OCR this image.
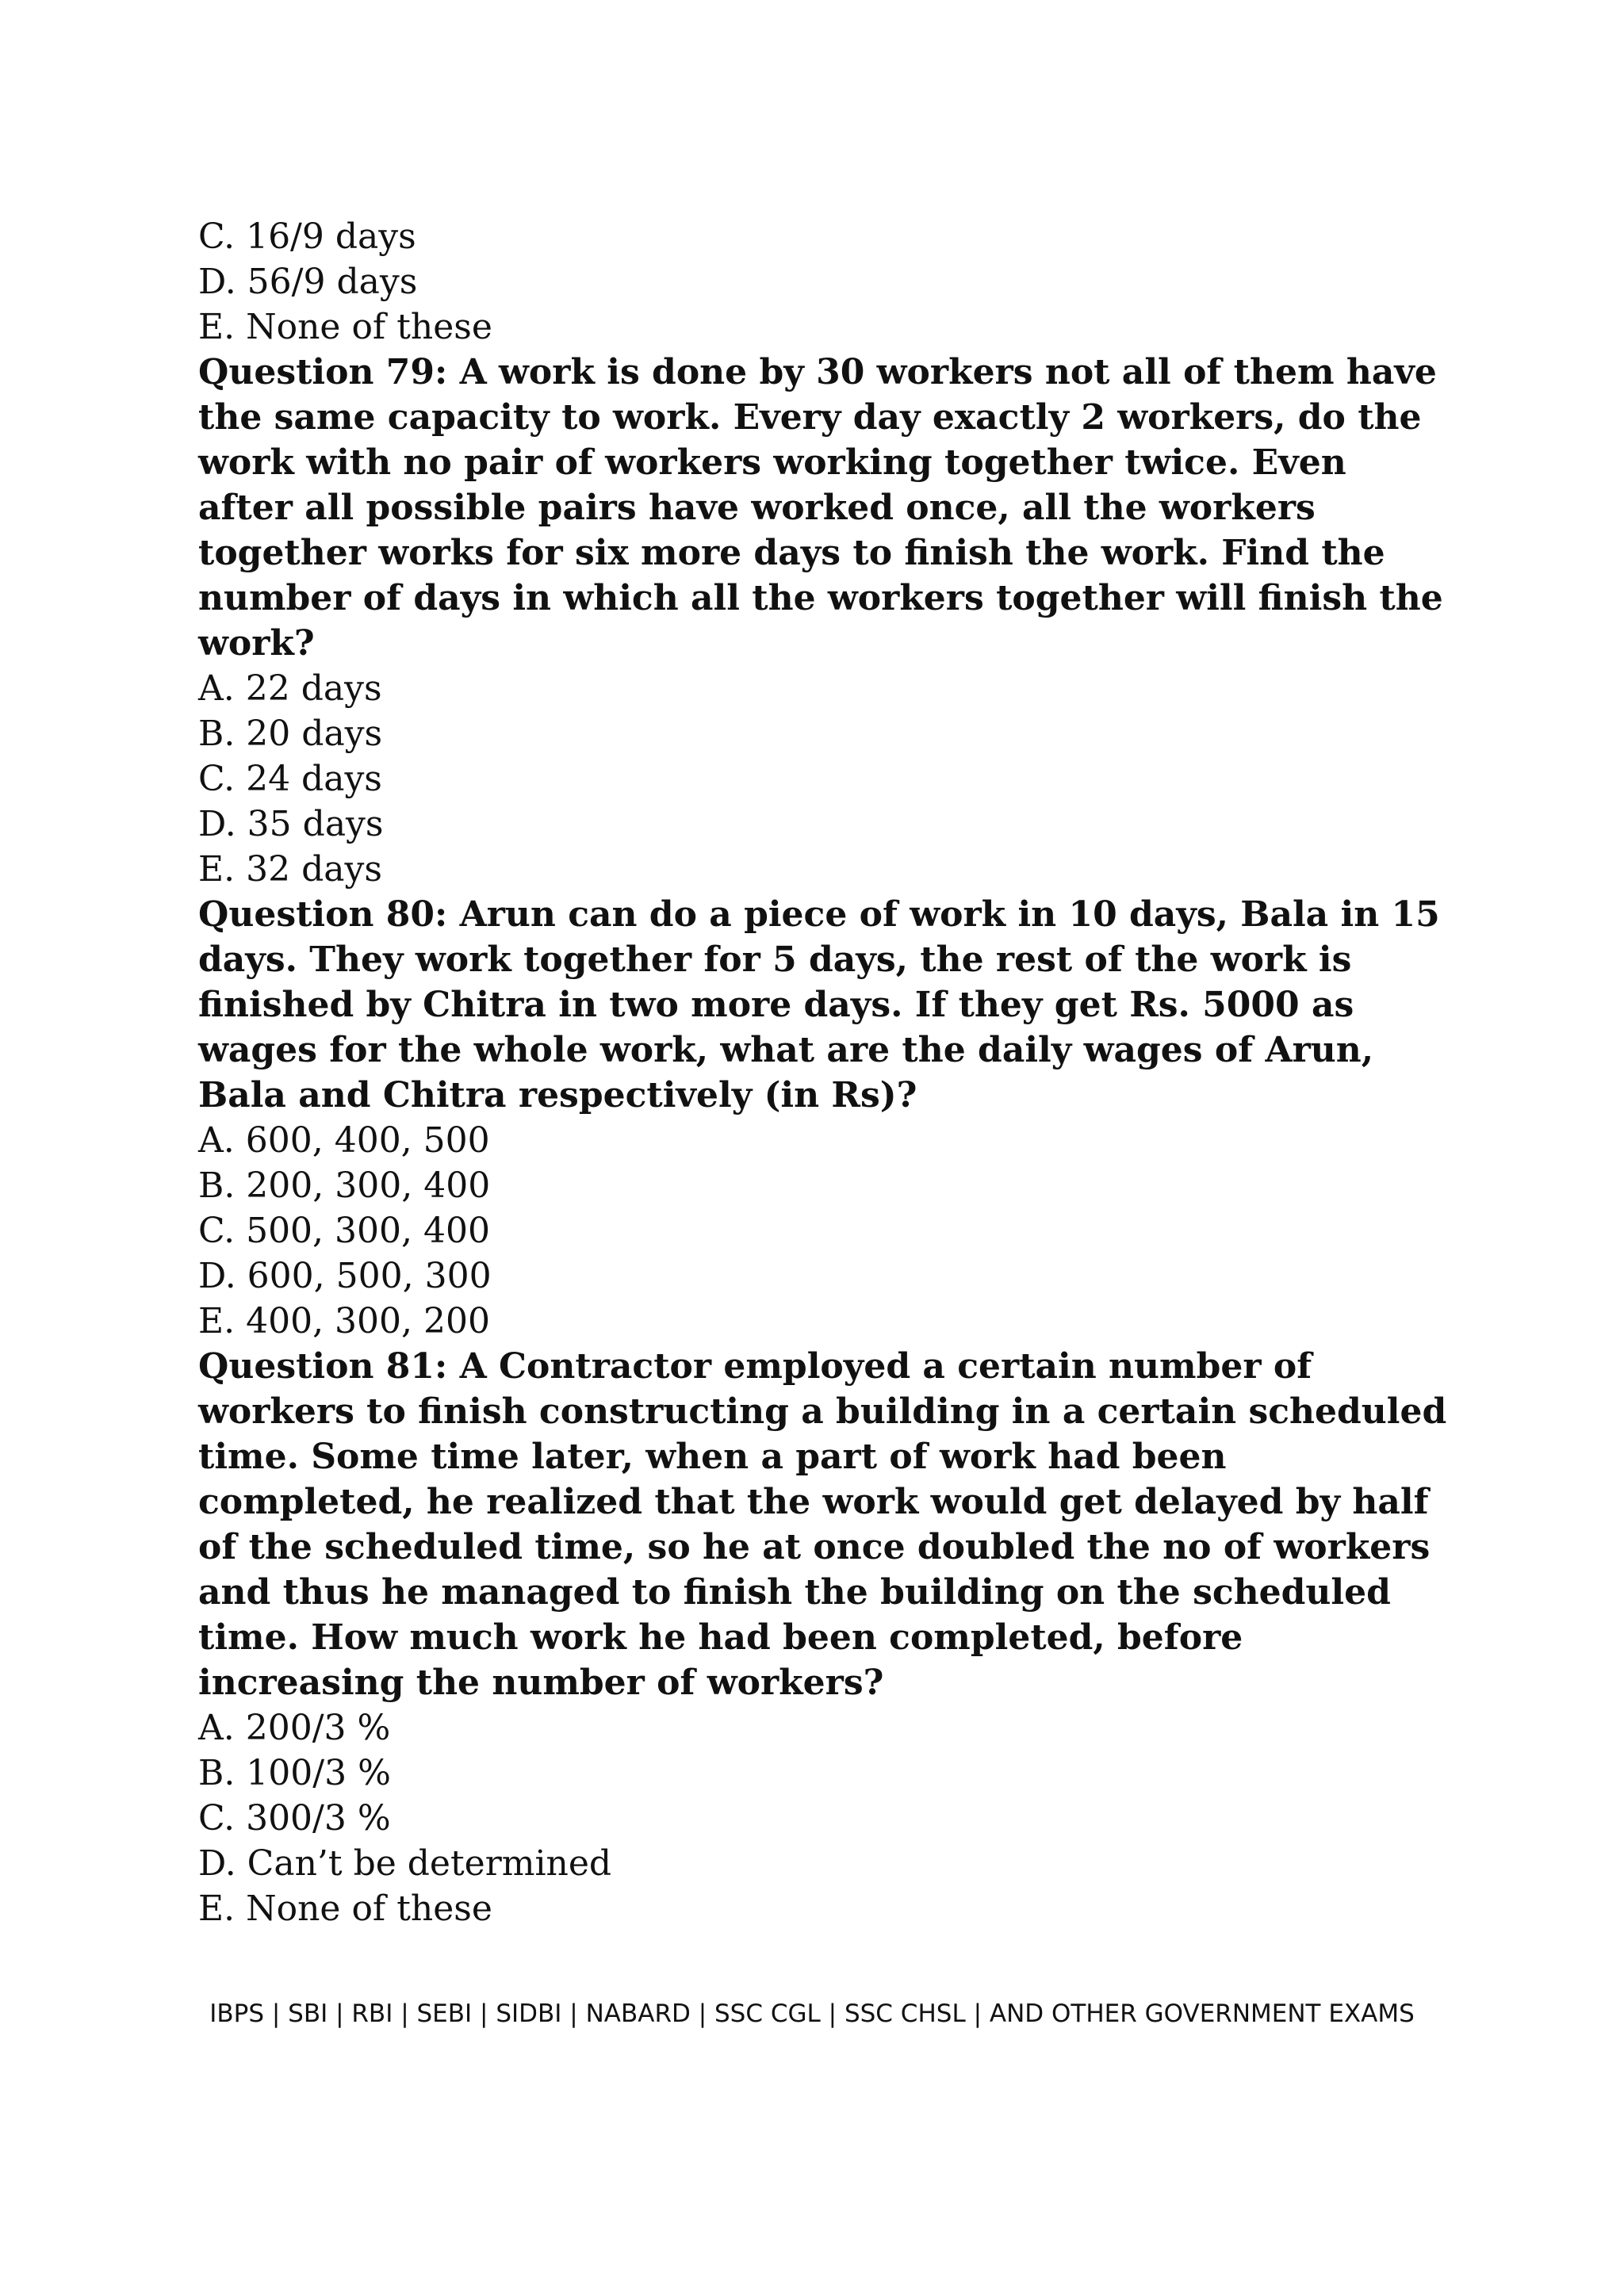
C. 16/9 days

D. 56/9 days

E. None of these

Question 79: A work is done by 30 workers not all of them have the same capacity to work. Every day exactly 2 workers, do the work with no pair of workers working together twice. Even after all possible pairs have worked once, all the workers together works for six more days to finish the work. Find the number of days in which all the workers together will finish the work?

A. 22 days

B. 20 days

C. 24 days

D. 35 days

E. 32 days

Question 80: Arun can do a piece of work in 10 days, Bala in 15 days. They work together for 5 days, the rest of the work is finished by Chitra in two more days. If they get Rs. 5000 as wages for the whole work, what are the daily wages of Arun, Bala and Chitra respectively (in Rs)?

A. 600, 400, 500

B. 200, 300, 400

C. 500, 300, 400

D. 600, 500, 300

E. 400, 300, 200

Question 81: A Contractor employed a certain number of workers to finish constructing a building in a certain scheduled time. Some time later, when a part of work had been completed, he realized that the work would get delayed by half of the scheduled time, so he at once doubled the no of workers and thus he managed to finish the building on the scheduled time. How much work he had been completed, before increasing the number of workers?

A. 200/3 %

B. 100/3 %

C. 300/3 %

D. Can’t be determined

E. None of these

IBPS | SBI | RBI | SEBI | SIDBI | NABARD | SSC CGL | SSC CHSL | AND OTHER GOVERNMENT EXAMS
